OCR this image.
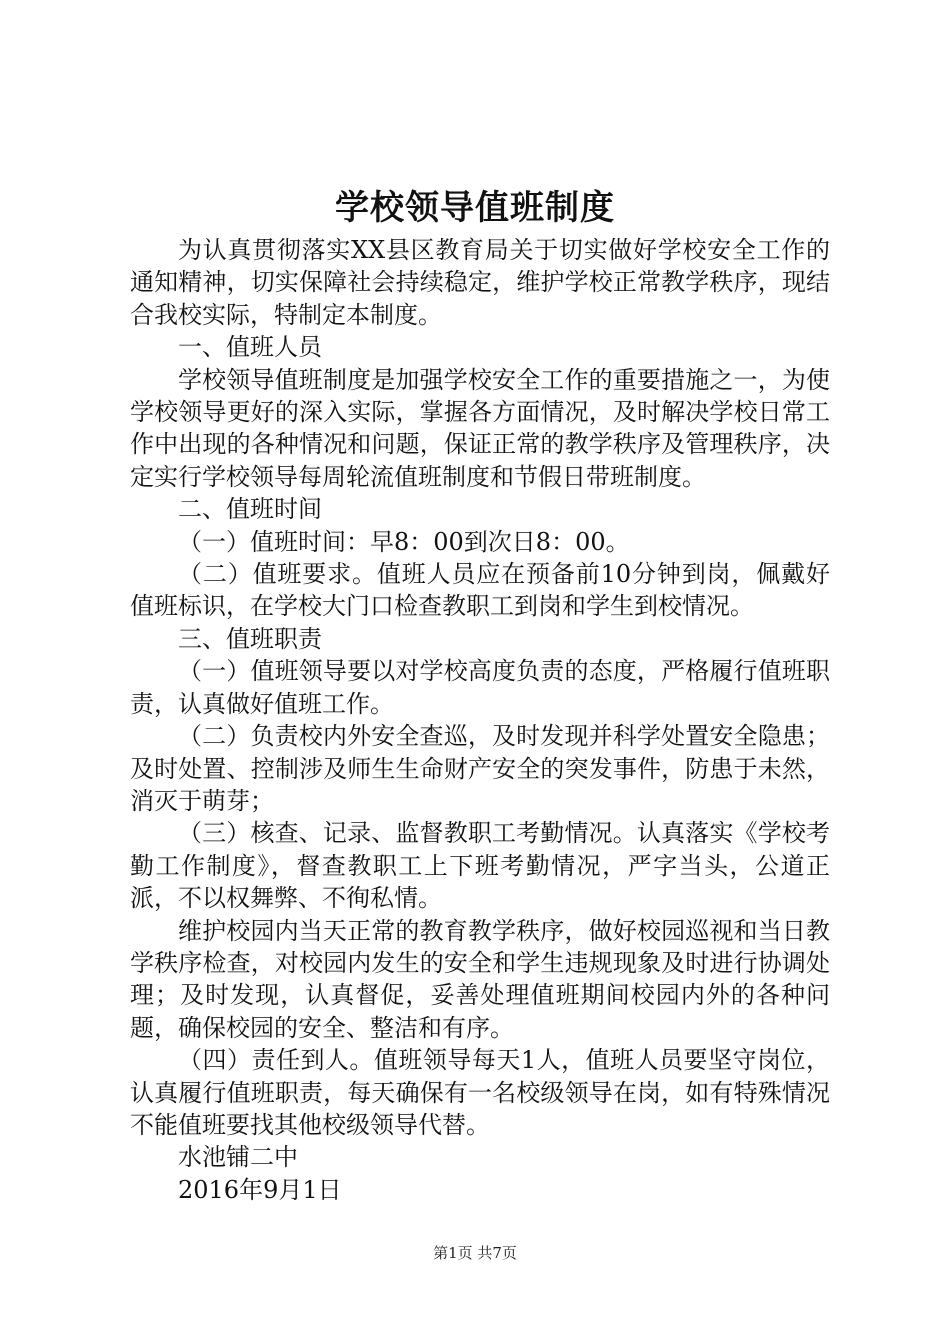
学校领导值班制度

为认真贯彻落实XX县区教育局关于切实做好学校安全工作的通知精神，切实保障社会持续稳定，维护学校正常教学秩序，现结合我校实际，特制定本制度。

一、值班人员

学校领导值班制度是加强学校安全工作的重要措施之一，为使学校领导更好的深入实际，掌握各方面情况，及时解决学校日常工作中出现的各种情况和问题，保证正常的教学秩序及管理秩序，决定实行学校领导每周轮流值班制度和节假日带班制度。

二、值班时间

（一）值班时间：早8：00到次日8：00。

（二）值班要求。值班人员应在预备前10分钟到岗，佩戴好值班标识，在学校大门口检查教职工到岗和学生到校情况。

三、值班职责

（一）值班领导要以对学校高度负责的态度，严格履行值班职责，认真做好值班工作。

（二）负责校内外安全查巡，及时发现并科学处置安全隐患；及时处置、控制涉及师生生命财产安全的突发事件，防患于未然，消灭于萌芽；

（三）核查、记录、监督教职工考勤情况。认真落实《学校考勤工作制度》，督查教职工上下班考勤情况，严字当头，公道正派，不以权舞弊、不徇私情。

维护校园内当天正常的教育教学秩序，做好校园巡视和当日教学秩序检查，对校园内发生的安全和学生违规现象及时进行协调处理；及时发现，认真督促，妥善处理值班期间校园内外的各种问题，确保校园的安全、整洁和有序。

（四）责任到人。值班领导每天1人，值班人员要坚守岗位，认真履行值班职责，每天确保有一名校级领导在岗，如有特殊情况不能值班要找其他校级领导代替。

水池铺二中

2016年9月1日

第1页 共7页
